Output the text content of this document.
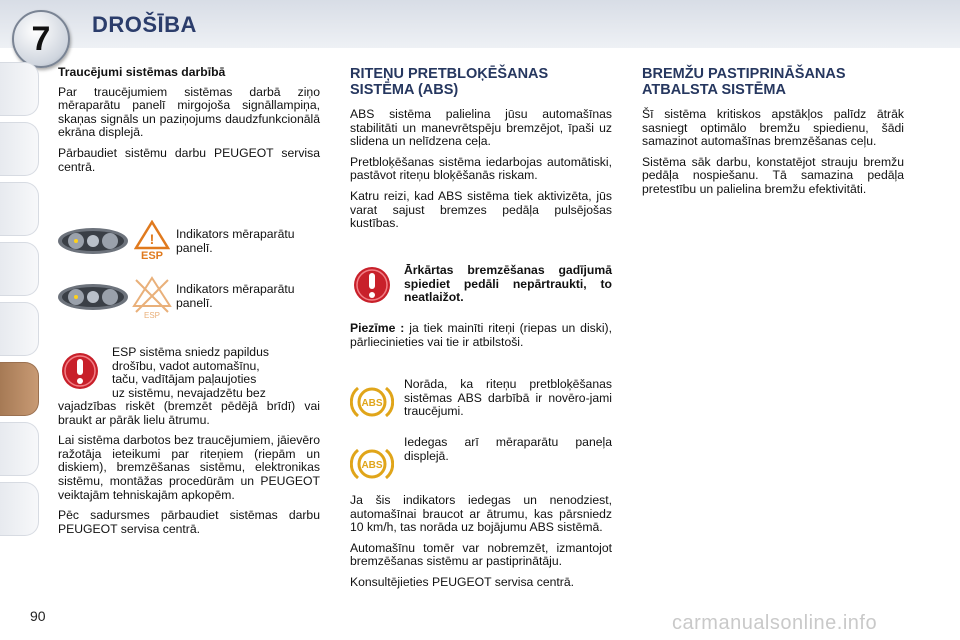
7 DROŠĪBA
Traucējumi sistēmas darbībā

Par traucējumiem sistēmas darbā ziņo mēraparātu panelī mirgojoša signāllampiņa, skaņas signāls un paziņojums daudzfunkcionālā ekrāna displejā.

Pārbaudiet sistēmu darbu PEUGEOT servisa centrā.

!
ESP
Indikators mēraparātu panelī.
ESP
Indikators mēraparātu panelī.
ESP sistēma sniedz papildus
drošību, vadot automašīnu,
taču, vadītājam paļaujoties
uz sistēmu, nevajadzētu bez

vajadzības riskēt (bremzēt pēdējā brīdī) vai braukt ar pārāk lielu ātrumu.

Lai sistēma darbotos bez traucējumiem, jāievēro ražotāja ieteikumi par riteņiem (riepām un diskiem), bremzēšanas sistēmu, elektronikas sistēmu, montāžas procedūrām un PEUGEOT veiktajām tehniskajām apkopēm.

Pēc sadursmes pārbaudiet sistēmas darbu PEUGEOT servisa centrā.

RITEŅU PRETBLOĶĒŠANAS SISTĒMA (ABS)

ABS sistēma palielina jūsu automašīnas stabilitāti un manevrētspēju bremzējot, īpaši uz slidena un nelīdzena ceļa.

Pretbloķēšanas sistēma iedarbojas automātiski, pastāvot riteņu bloķēšanās riskam.

Katru reizi, kad ABS sistēma tiek aktivizēta, jūs varat sajust bremzes pedāļa pulsējošas kustības.

Ārkārtas bremzēšanas gadījumā spiediet pedāli nepārtraukti, to neatlaižot.
Piezīme : ja tiek mainīti riteņi (riepas un diski), pārliecinieties vai tie ir atbilstoši.
ABS
Norāda, ka riteņu pretbloķēšanas sistēmas ABS darbībā ir novēro-jami traucējumi.
ABS
Iedegas arī mēraparātu paneļa displejā.

Ja šis indikators iedegas un nenodziest, automašīnai braucot ar ātrumu, kas pārsniedz 10 km/h, tas norāda uz bojājumu ABS sistēmā.

Automašīnu tomēr var nobremzēt, izmantojot bremzēšanas sistēmu ar pastiprinātāju.

Konsultējieties PEUGEOT servisa centrā.

BREMŽU PASTIPRINĀŠANAS ATBALSTA SISTĒMA

Šī sistēma kritiskos apstākļos palīdz ātrāk sasniegt optimālo bremžu spiedienu, šādi samazinot automašīnas bremzēšanas ceļu.

Sistēma sāk darbu, konstatējot strauju bremžu pedāļa nospiešanu. Tā samazina pedāļa pretestību un palielina bremžu efektivitāti.

90	carmanualsonline.info
